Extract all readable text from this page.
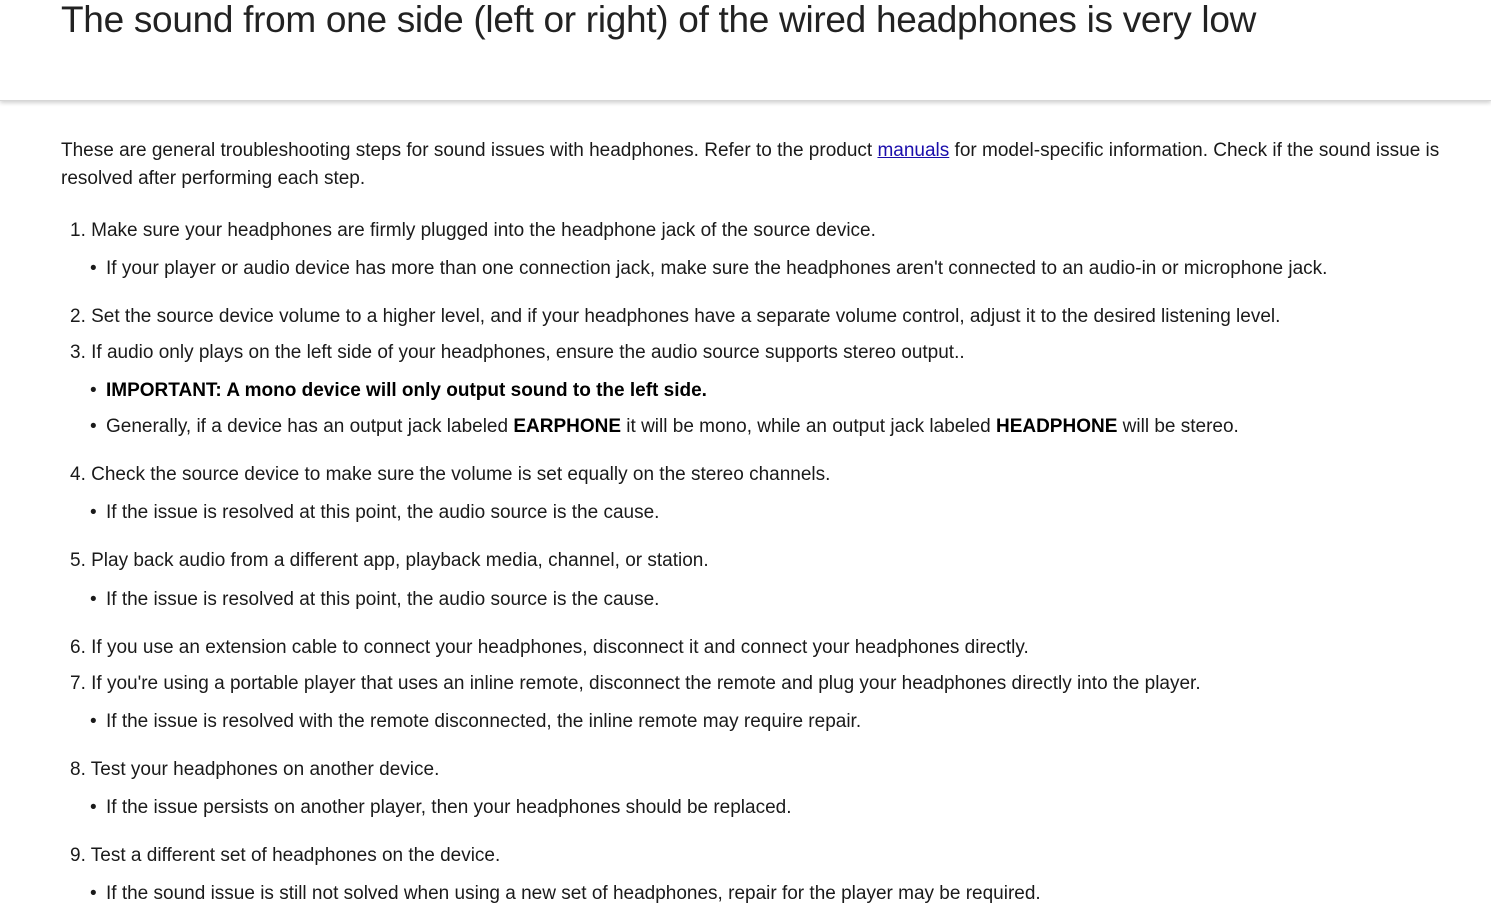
The sound from one side (left or right) of the wired headphones is very low

These are general troubleshooting steps for sound issues with headphones. Refer to the product manuals for model-specific information. Check if the sound issue is resolved after performing each step.

1. Make sure your headphones are firmly plugged into the headphone jack of the source device.
• If your player or audio device has more than one connection jack, make sure the headphones aren't connected to an audio-in or microphone jack.
2. Set the source device volume to a higher level, and if your headphones have a separate volume control, adjust it to the desired listening level.
3. If audio only plays on the left side of your headphones, ensure the audio source supports stereo output..
• IMPORTANT: A mono device will only output sound to the left side.
• Generally, if a device has an output jack labeled EARPHONE it will be mono, while an output jack labeled HEADPHONE will be stereo.
4. Check the source device to make sure the volume is set equally on the stereo channels.
• If the issue is resolved at this point, the audio source is the cause.
5. Play back audio from a different app, playback media, channel, or station.
• If the issue is resolved at this point, the audio source is the cause.
6. If you use an extension cable to connect your headphones, disconnect it and connect your headphones directly.
7. If you're using a portable player that uses an inline remote, disconnect the remote and plug your headphones directly into the player.
• If the issue is resolved with the remote disconnected, the inline remote may require repair.
8. Test your headphones on another device.
• If the issue persists on another player, then your headphones should be replaced.
9. Test a different set of headphones on the device.
• If the sound issue is still not solved when using a new set of headphones, repair for the player may be required.
